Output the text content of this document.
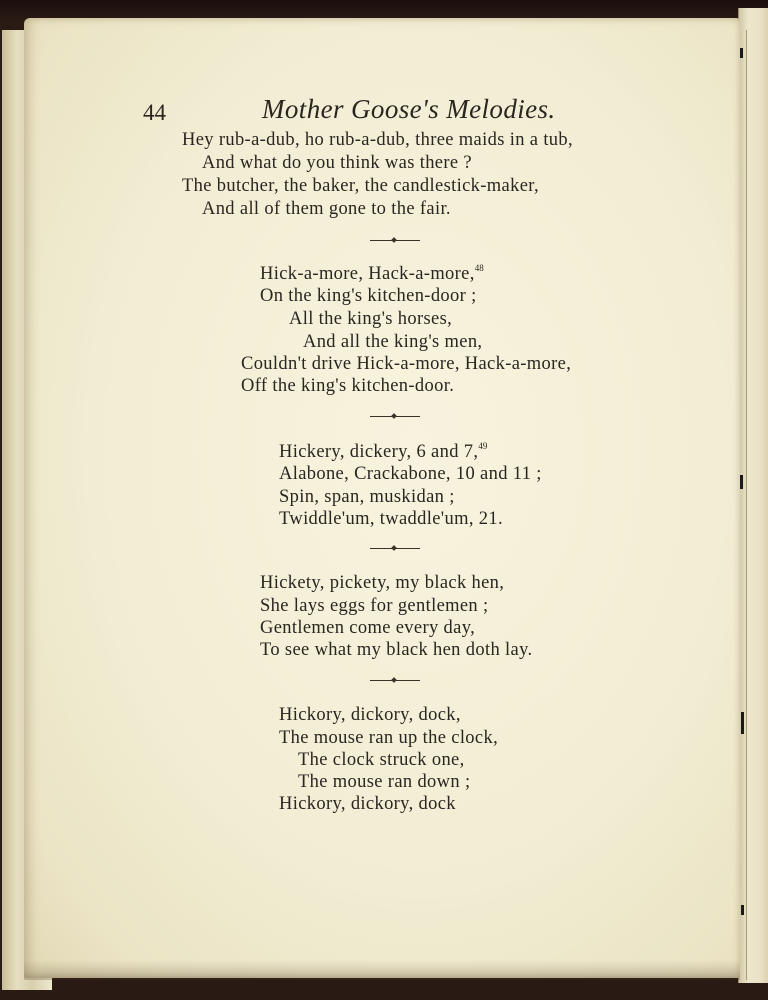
44	Mother Goose's Melodies.
Hey rub-a-dub, ho rub-a-dub, three maids in a tub,
And what do you think was there ?
The butcher, the baker, the candlestick-maker,
And all of them gone to the fair.
Hick-a-more, Hack-a-more,$^{48}$
On the king's kitchen-door ;
All the king's horses,
And all the king's men,
Couldn't drive Hick-a-more, Hack-a-more,
Off the king's kitchen-door.
Hickery, dickery, 6 and 7,49
Alabone, Crackabone, 10 and 11 ;
Spin, span, muskidan ;
Twiddle'um, twaddle'um, 21.
Hickety, pickety, my black hen,
She lays eggs for gentlemen ;
Gentlemen come every day,
To see what my black hen doth lay.
Hickory, dickory, dock,
The mouse ran up the clock,
The clock struck one,
The mouse ran down ;
Hickory, dickory, dock
